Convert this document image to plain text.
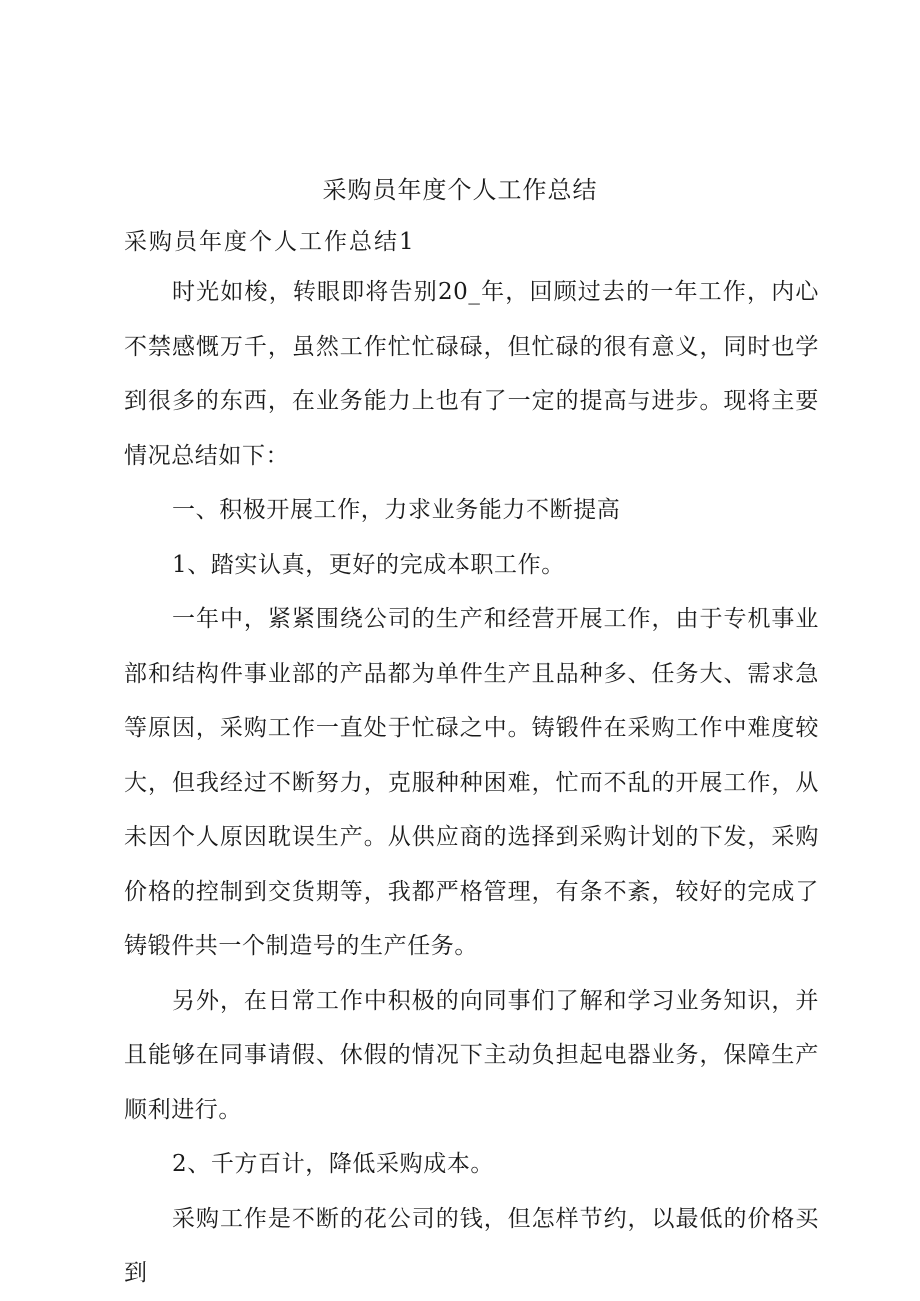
采购员年度个人工作总结
采购员年度个人工作总结1

时光如梭，转眼即将告别20_年，回顾过去的一年工作，内心不禁感慨万千，虽然工作忙忙碌碌，但忙碌的很有意义，同时也学到很多的东西，在业务能力上也有了一定的提高与进步。现将主要情况总结如下：

一、积极开展工作，力求业务能力不断提高

1、踏实认真，更好的完成本职工作。

一年中，紧紧围绕公司的生产和经营开展工作，由于专机事业部和结构件事业部的产品都为单件生产且品种多、任务大、需求急等原因，采购工作一直处于忙碌之中。铸锻件在采购工作中难度较大，但我经过不断努力，克服种种困难，忙而不乱的开展工作，从未因个人原因耽误生产。从供应商的选择到采购计划的下发，采购价格的控制到交货期等，我都严格管理，有条不紊，较好的完成了铸锻件共一个制造号的生产任务。

另外，在日常工作中积极的向同事们了解和学习业务知识，并且能够在同事请假、休假的情况下主动负担起电器业务，保障生产顺利进行。

2、千方百计，降低采购成本。

采购工作是不断的花公司的钱，但怎样节约，以最低的价格买到
